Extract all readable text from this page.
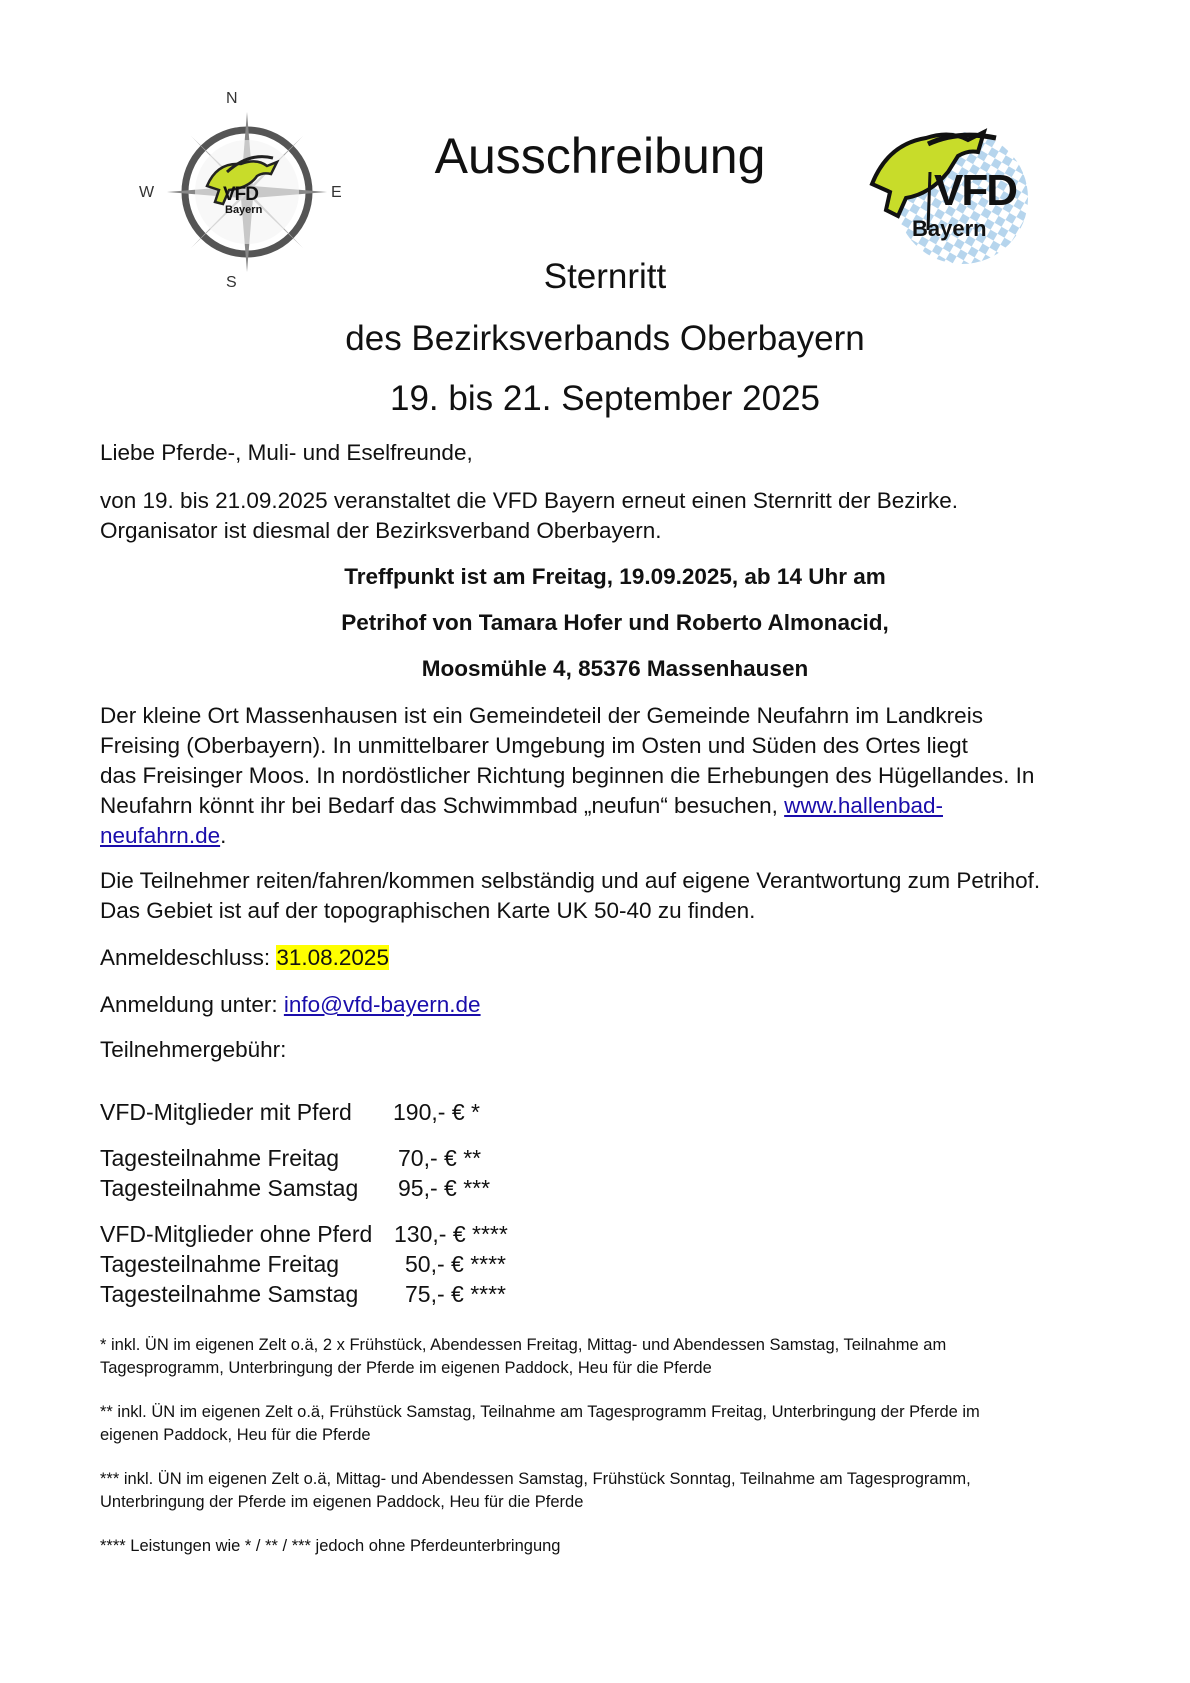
N
W	E
S
VFD
Bayern	VFD
Bayern
Ausschreibung
Sternritt
des Bezirksverbands Oberbayern
19. bis 21. September 2025
Liebe Pferde-, Muli- und Eselfreunde,
von 19. bis 21.09.2025 veranstaltet die VFD Bayern erneut einen Sternritt der Bezirke.
Organisator ist diesmal der Bezirksverband Oberbayern.
Treffpunkt ist am Freitag, 19.09.2025, ab 14 Uhr am
Petrihof von Tamara Hofer und Roberto Almonacid,
Moosmühle 4, 85376 Massenhausen
Der kleine Ort Massenhausen ist ein Gemeindeteil der Gemeinde Neufahrn im Landkreis
Freising (Oberbayern). In unmittelbarer Umgebung im Osten und Süden des Ortes liegt
das Freisinger Moos. In nordöstlicher Richtung beginnen die Erhebungen des Hügellandes. In
Neufahrn könnt ihr bei Bedarf das Schwimmbad „neufun“ besuchen, www.hallenbad-
neufahrn.de.
Die Teilnehmer reiten/fahren/kommen selbständig und auf eigene Verantwortung zum Petrihof.
Das Gebiet ist auf der topographischen Karte UK 50-40 zu finden.
Anmeldeschluss: 31.08.2025
Anmeldung unter: info@vfd-bayern.de
Teilnehmergebühr:
VFD-Mitglieder mit Pferd 190,- € *
Tagesteilnahme Freitag	70,- € **
Tagesteilnahme Samstag 95,- € ***
VFD-Mitglieder ohne Pferd 130,- € ****
Tagesteilnahme Freitag	50,- € ****
Tagesteilnahme Samstag 75,- € ****
* inkl. ÜN im eigenen Zelt o.ä, 2 x Frühstück, Abendessen Freitag, Mittag- und Abendessen Samstag, Teilnahme am
Tagesprogramm, Unterbringung der Pferde im eigenen Paddock, Heu für die Pferde
** inkl. ÜN im eigenen Zelt o.ä, Frühstück Samstag, Teilnahme am Tagesprogramm Freitag, Unterbringung der Pferde im
eigenen Paddock, Heu für die Pferde
*** inkl. ÜN im eigenen Zelt o.ä, Mittag- und Abendessen Samstag, Frühstück Sonntag, Teilnahme am Tagesprogramm,
Unterbringung der Pferde im eigenen Paddock, Heu für die Pferde
**** Leistungen wie * / ** / *** jedoch ohne Pferdeunterbringung
